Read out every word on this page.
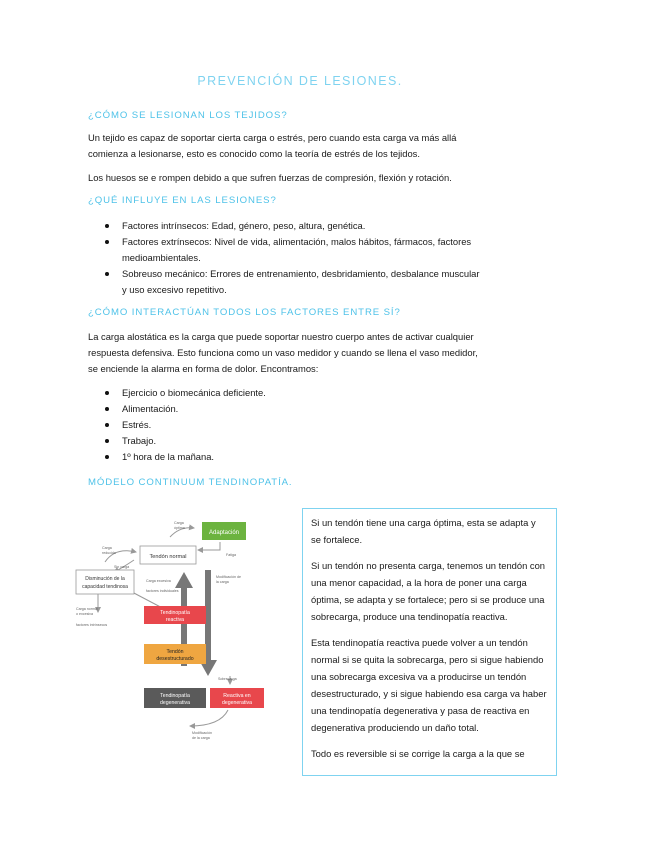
PREVENCIÓN DE LESIONES.
¿CÓMO SE LESIONAN LOS TEJIDOS?

Un tejido es capaz de soportar cierta carga o estrés, pero cuando esta carga va más allá

comienza a lesionarse, esto es conocido como la teoría de estrés de los tejidos.

Los huesos se e rompen debido a que sufren fuerzas de compresión, flexión y rotación.

¿QUÉ INFLUYE EN LAS LESIONES?
Factores intrínsecos: Edad, género, peso, altura, genética.
Factores extrínsecos: Nivel de vida, alimentación, malos hábitos, fármacos, factores
medioambientales.
Sobreuso mecánico: Errores de entrenamiento, desbridamiento, desbalance muscular
y uso excesivo repetitivo.
¿CÓMO INTERACTÚAN TODOS LOS FACTORES ENTRE SÍ?

La carga alostática es la carga que puede soportar nuestro cuerpo antes de activar cualquier

respuesta defensiva. Esto funciona como un vaso medidor y cuando se llena el vaso medidor,

se enciende la alarma en forma de dolor. Encontramos:

Ejercicio o biomecánica deficiente.
Alimentación.
Estrés.
Trabajo.
1º hora de la mañana.
MÓDELO CONTINUUM TENDINOPATÍA.
Adaptación
Tendón normal
Disminución de la
capacidad tendinosa
Tendinopatía
reactiva
Tendón
desestructurado
Tendinopatía
degenerativa
Reactiva en
degenerativa
Carga
óptima
Carga
reducida
Sin carga
Carga excesiva
factores individuales
Modificación de
la carga
Carga normal
o excesiva
factores intrínsecos
Sobrecarga
Modificación
de la carga
Fatiga

Si un tendón tiene una carga óptima, esta se adapta y se fortalece.

Si un tendón no presenta carga, tenemos un tendón con una menor capacidad, a la hora de poner una carga óptima, se adapta y se fortalece; pero si se produce una sobrecarga, produce una tendinopatía reactiva.

Esta tendinopatía reactiva puede volver a un tendón normal si se quita la sobrecarga, pero si sigue habiendo una sobrecarga excesiva va a producirse un tendón desestructurado, y si sigue habiendo esa carga va haber una tendinopatía degenerativa y pasa de reactiva en degenerativa produciendo un daño total.

Todo es reversible si se corrige la carga a la que se
